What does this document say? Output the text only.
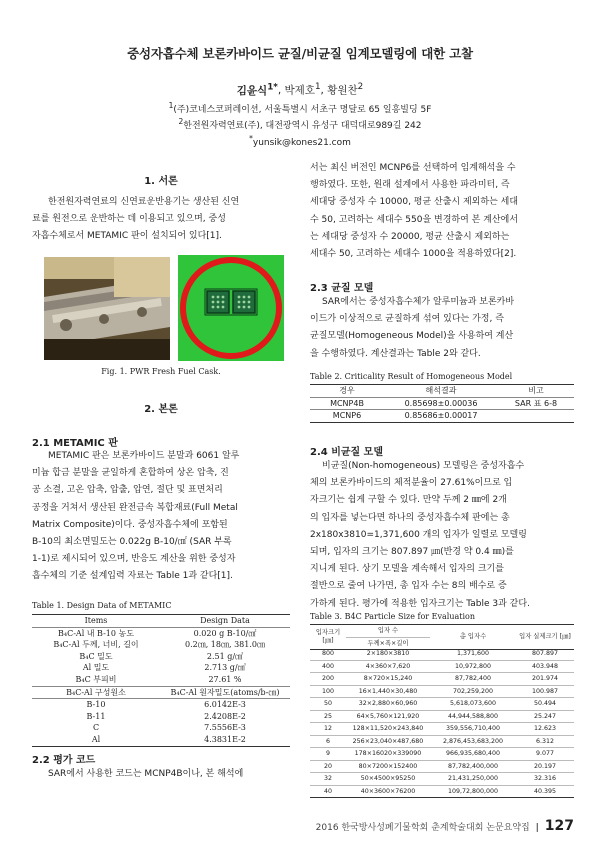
중성자흡수체 보론카바이드 균질/비균질 임계모델링에 대한 고찰
김윤식$^{1*}$, 박제호$^1$, 황원찬$^2$
$^1$(주)코네스코퍼레이션, 서울특별시 서초구 명달로 65 일흥빌딩 5F
$^2$한전원자력연료(주), 대전광역시 유성구 대덕대로989길 242
*yunsik@kones21.com
1. 서론
한전원자력연료의 신연료운반용기는 생산된 신연
료를 원전으로 운반하는 데 이용되고 있으며, 중성
자흡수체로서 METAMIC 판이 설치되어 있다[1].
Fig. 1. PWR Fresh Fuel Cask.
2. 본론
2.1 METAMIC 판
METAMIC 판은 보론카바이드 분말과 6061 알루
미늄 합금 분말을 균일하게 혼합하여 상온 압축, 진
공 소결, 고온 압축, 압출, 압연, 절단 및 표면처리
공정을 거쳐서 생산된 완전금속 복합재료(Full Metal
Matrix Composite)이다. 중성자흡수체에 포함된
B-10의 최소면밀도는 0.022g B-10/㎠ (SAR 부록
1-1)로 제시되어 있으며, 반응도 계산을 위한 중성자
흡수체의 기준 설계입력 자료는 Table 1과 같다[1].
Table 1. Design Data of METAMIC
Items	Design Data
B₄C-Al 내 B-10 농도	0.020 g B-10/㎠
B₄C-Al 두께, 너비, 길이	0.2㎝, 18㎝, 381.0㎝
B₄C 밀도	2.51 g/㎤
Al 밀도	2.713 g/㎤
B₄C 부피비	27.61 %
B₄C-Al 구성원소	B₄C-Al 원자밀도(atoms/b-㎝)
B-10	6.0142E-3
B-11	2.4208E-2
C	7.5556E-3
Al	4.3831E-2
2.2 평가 코드
SAR에서 사용한 코드는 MCNP4B이나, 본 해석에
서는 최신 버전인 MCNP6를 선택하여 임계해석을 수
행하였다. 또한, 원래 설계에서 사용한 파라미터, 즉
세대당 중성자 수 10000, 평균 산출시 제외하는 세대
수 50, 고려하는 세대수 550을 변경하여 본 계산에서
는 세대당 중성자 수 20000, 평균 산출시 제외하는
세대수 50, 고려하는 세대수 1000을 적용하였다[2].
2.3 균질 모델
SAR에서는 중성자흡수체가 알루미늄과 보론카바
이드가 이상적으로 균질하게 섞여 있다는 가정, 즉
균질모델(Homogeneous Model)을 사용하여 계산
을 수행하였다. 계산결과는 Table 2와 같다.
Table 2. Criticality Result of Homogeneous Model
경우	해석결과	비고
MCNP4B	0.85698±0.00036	SAR 표 6-8
MCNP6	0.85686±0.00017	
2.4 비균질 모델
비균질(Non-homogeneous) 모델링은 중성자흡수
체의 보론카바이드의 체적분율이 27.61%이므로 입
자크기는 쉽게 구할 수 있다. 만약 두께 2 ㎜에 2개
의 입자를 넣는다면 하나의 중성자흡수체 판에는 총
2x180x3810=1,371,600 개의 입자가 일렬로 모델링
되며, 입자의 크기는 807.897 ㎛(반경 약 0.4 ㎜)를
지니게 된다. 상기 모델을 계속해서 입자의 크기를
절반으로 줄여 나가면, 총 입자 수는 8의 배수로 증
가하게 된다. 평가에 적용한 입자크기는 Table 3과 같다.
Table 3. B4C Particle Size for Evaluation
입자크기 [㎛]	입자 수	총 입자수	입자 실제크기 [㎛]
두께×폭×길이
800	2×180×3810	1,371,600	807.897
400	4×360×7,620	10,972,800	403.948
200	8×720×15,240	87,782,400	201.974
100	16×1,440×30,480	702,259,200	100.987
50	32×2,880×60,960	5,618,073,600	50.494
25	64×5,760×121,920	44,944,588,800	25.247
12	128×11,520×243,840	359,556,710,400	12.623
6	256×23,040×487,680	2,876,453,683,200	6.312
9	178×16020×339090	966,935,680,400	9.077
20	80×7200×152400	87,782,400,000	20.197
32	50×4500×95250	21,431,250,000	32.316
40	40×3600×76200	109,72,800,000	40.395
2016 한국방사성폐기물학회 춘계학술대회 논문요약집 | 127
